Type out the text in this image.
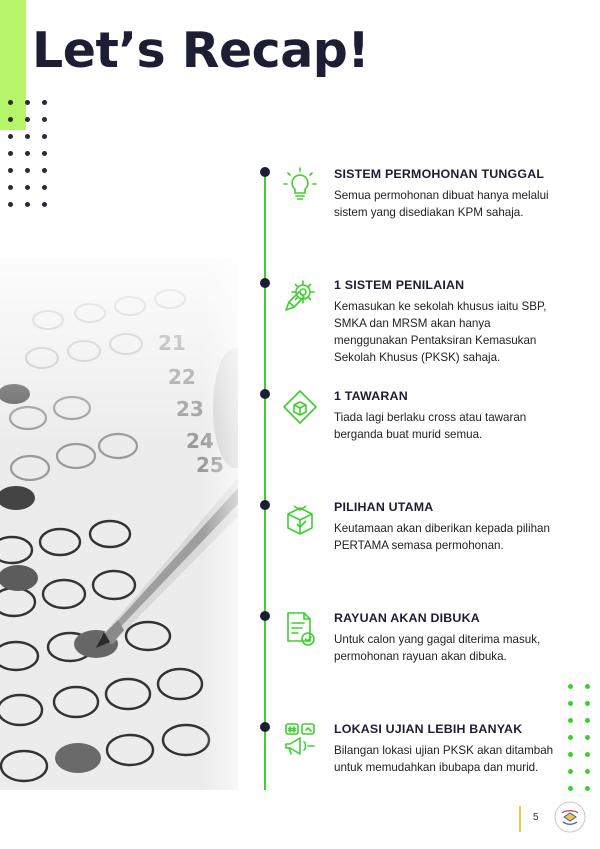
Let’s Recap!

SISTEM PERMOHONAN TUNGGAL

Semua permohonan dibuat hanya melalui sistem yang disediakan KPM sahaja.

1 SISTEM PENILAIAN

Kemasukan ke sekolah khusus iaitu SBP, SMKA dan MRSM akan hanya menggunakan Pentaksiran Kemasukan Sekolah Khusus (PKSK) sahaja.

1 TAWARAN

Tiada lagi berlaku cross atau tawaran berganda buat murid semua.

PILIHAN UTAMA

Keutamaan akan diberikan kepada pilihan PERTAMA semasa permohonan.

RAYUAN AKAN DIBUKA

Untuk calon yang gagal diterima masuk, permohonan rayuan akan dibuka.

LOKASI UJIAN LEBIH BANYAK

Bilangan lokasi ujian PKSK akan ditambah untuk memudahkan ibubapa dan murid.

5
